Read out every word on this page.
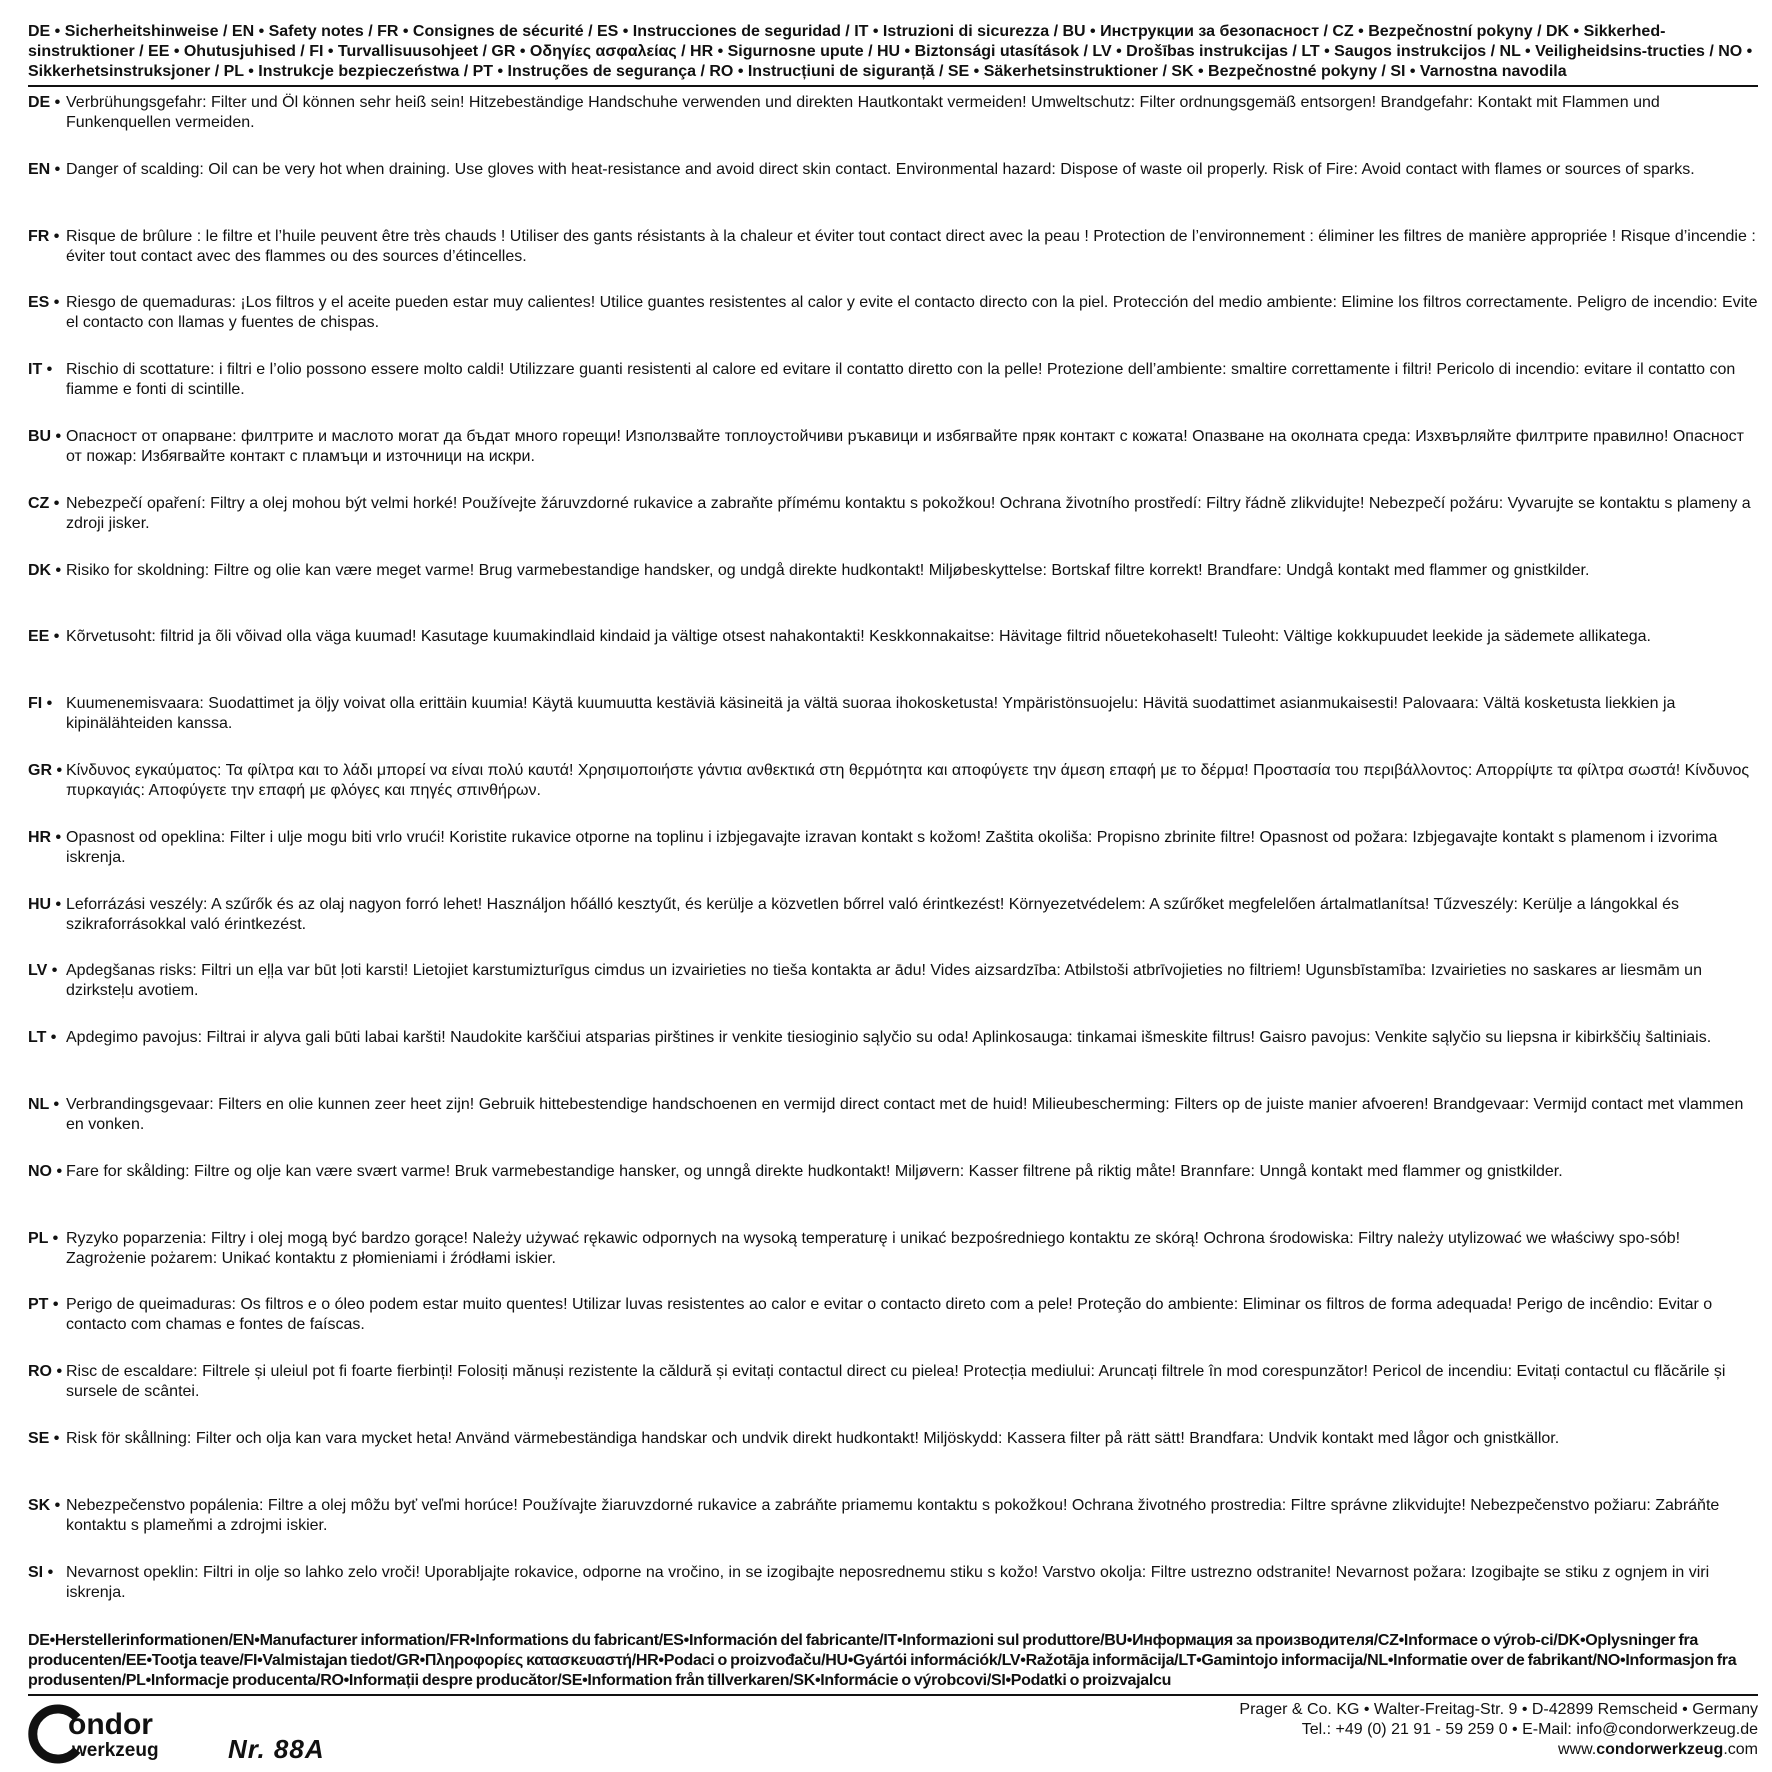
DE • Sicherheitshinweise / EN • Safety notes / FR • Consignes de sécurité / ES • Instrucciones de seguridad / IT • Istruzioni di sicurezza / BU • Инструкции за безопасност / CZ • Bezpečnostní pokyny / DK • Sikkerhed-sinstruktioner / EE • Ohutusjuhised / FI • Turvallisuusohjeet / GR • Οδηγίες ασφαλείας / HR • Sigurnosne upute / HU • Biztonsági utasítások / LV • Drošības instrukcijas / LT • Saugos instrukcijos / NL • Veiligheidsins-tructies / NO • Sikkerhetsinstruksjoner / PL • Instrukcje bezpieczeństwa / PT • Instruções de segurança / RO • Instrucțiuni de siguranță / SE • Säkerhetsinstruktioner / SK • Bezpečnostné pokyny / SI • Varnostna navodila

DE • Verbrühungsgefahr: Filter und Öl können sehr heiß sein! Hitzebeständige Handschuhe verwenden und direkten Hautkontakt vermeiden! Umweltschutz: Filter ordnungsgemäß entsorgen! Brandgefahr: Kontakt mit Flammen und Funkenquellen vermeiden.
EN • Danger of scalding: Oil can be very hot when draining. Use gloves with heat-resistance and avoid direct skin contact. Environmental hazard: Dispose of waste oil properly. Risk of Fire: Avoid contact with flames or sources of sparks.
FR • Risque de brûlure : le filtre et l’huile peuvent être très chauds ! Utiliser des gants résistants à la chaleur et éviter tout contact direct avec la peau ! Protection de l’environnement : éliminer les filtres de manière appropriée ! Risque d’incendie : éviter tout contact avec des flammes ou des sources d’étincelles.
ES • Riesgo de quemaduras: ¡Los filtros y el aceite pueden estar muy calientes! Utilice guantes resistentes al calor y evite el contacto directo con la piel. Protección del medio ambiente: Elimine los filtros correctamente. Peligro de incendio: Evite el contacto con llamas y fuentes de chispas.
IT • Rischio di scottature: i filtri e l’olio possono essere molto caldi! Utilizzare guanti resistenti al calore ed evitare il contatto diretto con la pelle! Protezione dell’ambiente: smaltire correttamente i filtri! Pericolo di incendio: evitare il contatto con fiamme e fonti di scintille.
BU • Опасност от опарване: филтрите и маслото могат да бъдат много горещи! Използвайте топлоустойчиви ръкавици и избягвайте пряк контакт с кожата! Опазване на околната среда: Изхвърляйте филтрите правилно! Опасност от пожар: Избягвайте контакт с пламъци и източници на искри.
CZ • Nebezpečí opaření: Filtry a olej mohou být velmi horké! Používejte žáruvzdorné rukavice a zabraňte přímému kontaktu s pokožkou! Ochrana životního prostředí: Filtry řádně zlikvidujte! Nebezpečí požáru: Vyvarujte se kontaktu s plameny a zdroji jisker.
DK • Risiko for skoldning: Filtre og olie kan være meget varme! Brug varmebestandige handsker, og undgå direkte hudkontakt! Miljøbeskyttelse: Bortskaf filtre korrekt! Brandfare: Undgå kontakt med flammer og gnistkilder.
EE • Kõrvetusoht: filtrid ja õli võivad olla väga kuumad! Kasutage kuumakindlaid kindaid ja vältige otsest nahakontakti! Keskkonnakaitse: Hävitage filtrid nõuetekohaselt! Tuleoht: Vältige kokkupuudet leekide ja sädemete allikatega.
FI • Kuumenemisvaara: Suodattimet ja öljy voivat olla erittäin kuumia! Käytä kuumuutta kestäviä käsineitä ja vältä suoraa ihokosketusta! Ympäristönsuojelu: Hävitä suodattimet asianmukaisesti! Palovaara: Vältä kosketusta liekkien ja kipinälähteiden kanssa.
GR • Κίνδυνος εγκαύματος: Τα φίλτρα και το λάδι μπορεί να είναι πολύ καυτά! Χρησιμοποιήστε γάντια ανθεκτικά στη θερμότητα και αποφύγετε την άμεση επαφή με το δέρμα! Προστασία του περιβάλλοντος: Απορρίψτε τα φίλτρα σωστά! Κίνδυνος πυρκαγιάς: Αποφύγετε την επαφή με φλόγες και πηγές σπινθήρων.
HR • Opasnost od opeklina: Filter i ulje mogu biti vrlo vrući! Koristite rukavice otporne na toplinu i izbjegavajte izravan kontakt s kožom! Zaštita okoliša: Propisno zbrinite filtre! Opasnost od požara: Izbjegavajte kontakt s plamenom i izvorima iskrenja.
HU • Leforrázási veszély: A szűrők és az olaj nagyon forró lehet! Használjon hőálló kesztyűt, és kerülje a közvetlen bőrrel való érintkezést! Környezetvédelem: A szűrőket megfelelően ártalmatlanítsa! Tűzveszély: Kerülje a lángokkal és szikraforrásokkal való érintkezést.
LV • Apdegšanas risks: Filtri un eļļa var būt ļoti karsti! Lietojiet karstumizturīgus cimdus un izvairieties no tieša kontakta ar ādu! Vides aizsardzība: Atbilstoši atbrīvojieties no filtriem! Ugunsbīstamība: Izvairieties no saskares ar liesmām un dzirksteļu avotiem.
LT • Apdegimo pavojus: Filtrai ir alyva gali būti labai karšti! Naudokite karščiui atsparias pirštines ir venkite tiesioginio sąlyčio su oda! Aplinkosauga: tinkamai išmeskite filtrus! Gaisro pavojus: Venkite sąlyčio su liepsna ir kibirkščių šaltiniais.
NL • Verbrandingsgevaar: Filters en olie kunnen zeer heet zijn! Gebruik hittebestendige handschoenen en vermijd direct contact met de huid! Milieubescherming: Filters op de juiste manier afvoeren! Brandgevaar: Vermijd contact met vlammen en vonken.
NO • Fare for skålding: Filtre og olje kan være svært varme! Bruk varmebestandige hansker, og unngå direkte hudkontakt! Miljøvern: Kasser filtrene på riktig måte! Brannfare: Unngå kontakt med flammer og gnistkilder.
PL • Ryzyko poparzenia: Filtry i olej mogą być bardzo gorące! Należy używać rękawic odpornych na wysoką temperaturę i unikać bezpośredniego kontaktu ze skórą! Ochrona środowiska: Filtry należy utylizować we właściwy spo-sób! Zagrożenie pożarem: Unikać kontaktu z płomieniami i źródłami iskier.
PT • Perigo de queimaduras: Os filtros e o óleo podem estar muito quentes! Utilizar luvas resistentes ao calor e evitar o contacto direto com a pele! Proteção do ambiente: Eliminar os filtros de forma adequada! Perigo de incêndio: Evitar o contacto com chamas e fontes de faíscas.
RO • Risc de escaldare: Filtrele și uleiul pot fi foarte fierbinți! Folosiți mănuși rezistente la căldură și evitați contactul direct cu pielea! Protecția mediului: Aruncați filtrele în mod corespunzător! Pericol de incendiu: Evitați contactul cu flăcările și sursele de scântei.
SE • Risk för skållning: Filter och olja kan vara mycket heta! Använd värmebeständiga handskar och undvik direkt hudkontakt! Miljöskydd: Kassera filter på rätt sätt! Brandfara: Undvik kontakt med lågor och gnistkällor.
SK • Nebezpečenstvo popálenia: Filtre a olej môžu byť veľmi horúce! Používajte žiaruvzdorné rukavice a zabráňte priamemu kontaktu s pokožkou! Ochrana životného prostredia: Filtre správne zlikvidujte! Nebezpečenstvo požiaru: Zabráňte kontaktu s plameňmi a zdrojmi iskier.
SI • Nevarnost opeklin: Filtri in olje so lahko zelo vroči! Uporabljajte rokavice, odporne na vročino, in se izogibajte neposrednemu stiku s kožo! Varstvo okolja: Filtre ustrezno odstranite! Nevarnost požara: Izogibajte se stiku z ognjem in viri iskrenja.

DE•Herstellerinformationen/EN•Manufacturer information/FR•Informations du fabricant/ES•Información del fabricante/IT•Informazioni sul produttore/BU•Информация за производителя/CZ•Informace o výrob-ci/DK•Oplysninger fra producenten/EE•Tootja teave/FI•Valmistajan tiedot/GR•Πληροφορίες κατασκευαστή/HR•Podaci o proizvođaču/HU•Gyártói információk/LV•Ražotāja informācija/LT•Gamintojo informacija/NL•Informatie over de fabrikant/NO•Informasjon fra produsenten/PL•Informacje producenta/RO•Informații despre producător/SE•Information från tillverkaren/SK•Informácie o výrobcovi/SI•Podatki o proizvajalcu

ondor
werkzeug	Nr. 88A
Prager & Co. KG • Walter-Freitag-Str. 9 • D-42899 Remscheid • Germany
Tel.: +49 (0) 21 91 - 59 259 0 • E-Mail: info@condorwerkzeug.de
www.condorwerkzeug.com
